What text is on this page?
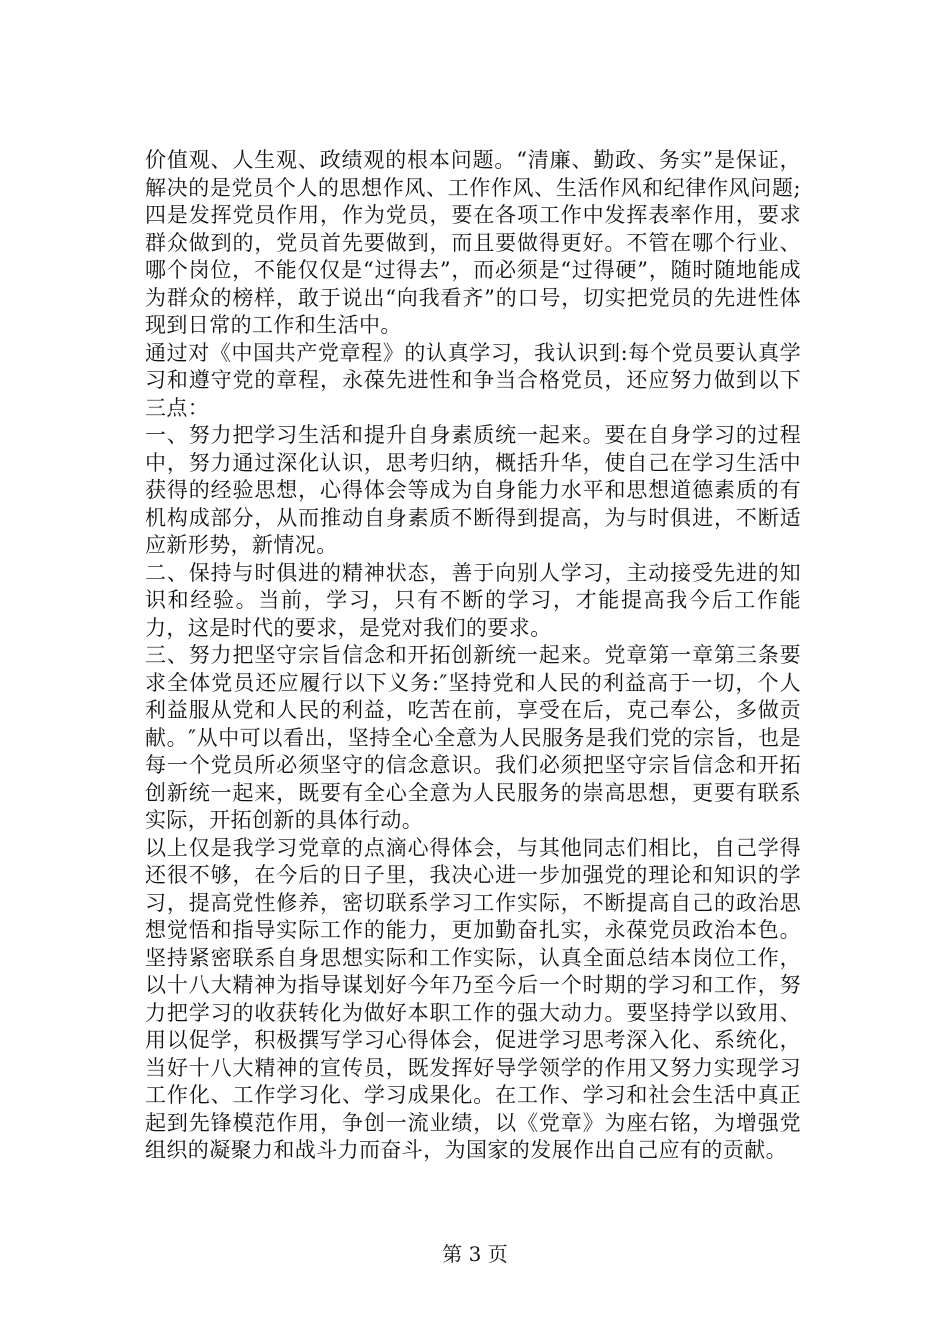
价值观、人生观、政绩观的根本问题。“清廉、勤政、务实”是保证，解决的是党员个人的思想作风、工作作风、生活作风和纪律作风问题;四是发挥党员作用，作为党员，要在各项工作中发挥表率作用，要求群众做到的，党员首先要做到，而且要做得更好。不管在哪个行业、哪个岗位，不能仅仅是“过得去”，而必须是“过得硬”，随时随地能成为群众的榜样，敢于说出“向我看齐”的口号，切实把党员的先进性体现到日常的工作和生活中。

通过对《中国共产党章程》的认真学习，我认识到:每个党员要认真学习和遵守党的章程，永葆先进性和争当合格党员，还应努力做到以下三点：

一、努力把学习生活和提升自身素质统一起来。要在自身学习的过程中，努力通过深化认识，思考归纳，概括升华，使自己在学习生活中获得的经验思想，心得体会等成为自身能力水平和思想道德素质的有机构成部分，从而推动自身素质不断得到提高，为与时俱进，不断适应新形势，新情况。

二、保持与时俱进的精神状态，善于向别人学习，主动接受先进的知识和经验。当前，学习，只有不断的学习，才能提高我今后工作能力，这是时代的要求，是党对我们的要求。

三、努力把坚守宗旨信念和开拓创新统一起来。党章第一章第三条要求全体党员还应履行以下义务:″坚持党和人民的利益高于一切，个人利益服从党和人民的利益，吃苦在前，享受在后，克己奉公，多做贡献。″从中可以看出，坚持全心全意为人民服务是我们党的宗旨，也是每一个党员所必须坚守的信念意识。我们必须把坚守宗旨信念和开拓创新统一起来，既要有全心全意为人民服务的崇高思想，更要有联系实际，开拓创新的具体行动。

以上仅是我学习党章的点滴心得体会，与其他同志们相比，自己学得还很不够，在今后的日子里，我决心进一步加强党的理论和知识的学习，提高党性修养，密切联系学习工作实际，不断提高自己的政治思想觉悟和指导实际工作的能力，更加勤奋扎实，永葆党员政治本色。坚持紧密联系自身思想实际和工作实际，认真全面总结本岗位工作，以十八大精神为指导谋划好今年乃至今后一个时期的学习和工作，努力把学习的收获转化为做好本职工作的强大动力。要坚持学以致用、用以促学，积极撰写学习心得体会，促进学习思考深入化、系统化，当好十八大精神的宣传员，既发挥好导学领学的作用又努力实现学习工作化、工作学习化、学习成果化。在工作、学习和社会生活中真正起到先锋模范作用，争创一流业绩，以《党章》为座右铭，为增强党组织的凝聚力和战斗力而奋斗，为国家的发展作出自己应有的贡献。

第 3 页
